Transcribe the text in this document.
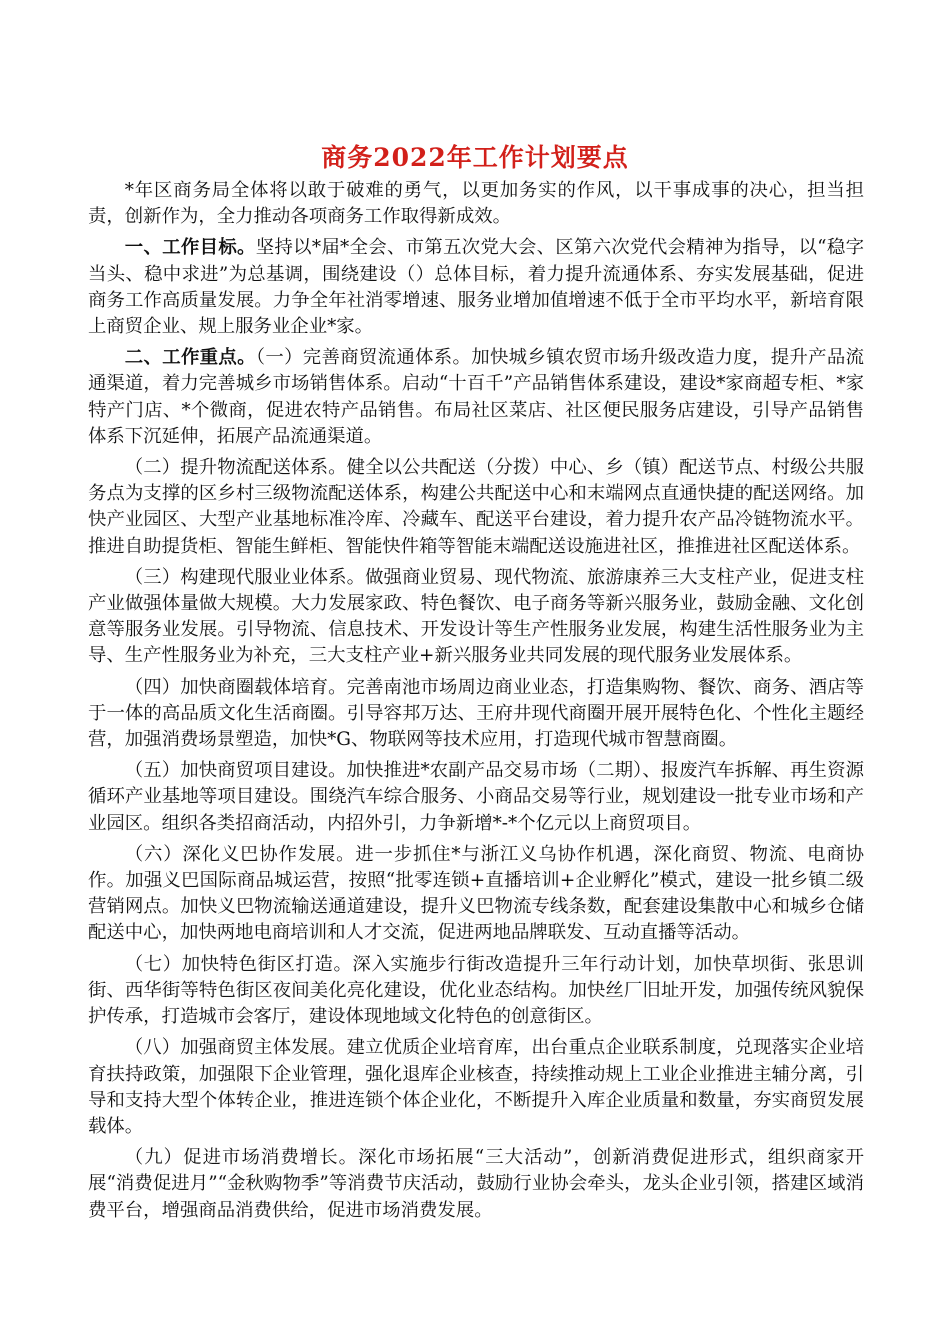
商务2022年工作计划要点

*年区商务局全体将以敢于破难的勇气，以更加务实的作风，以干事成事的决心，担当担责，创新作为，全力推动各项商务工作取得新成效。

一、工作目标。坚持以*届*全会、市第五次党大会、区第六次党代会精神为指导，以“稳字当头、稳中求进”为总基调，围绕建设（）总体目标，着力提升流通体系、夯实发展基础，促进商务工作高质量发展。力争全年社消零增速、服务业增加值增速不低于全市平均水平，新培育限上商贸企业、规上服务业企业*家。

二、工作重点。（一）完善商贸流通体系。加快城乡镇农贸市场升级改造力度，提升产品流通渠道，着力完善城乡市场销售体系。启动“十百千”产品销售体系建设，建设*家商超专柜、*家特产门店、*个微商，促进农特产品销售。布局社区菜店、社区便民服务店建设，引导产品销售体系下沉延伸，拓展产品流通渠道。

（二）提升物流配送体系。健全以公共配送（分拨）中心、乡（镇）配送节点、村级公共服务点为支撑的区乡村三级物流配送体系，构建公共配送中心和末端网点直通快捷的配送网络。加快产业园区、大型产业基地标准冷库、冷藏车、配送平台建设，着力提升农产品冷链物流水平。推进自助提货柜、智能生鲜柜、智能快件箱等智能末端配送设施进社区，推推进社区配送体系。

（三）构建现代服业业体系。做强商业贸易、现代物流、旅游康养三大支柱产业，促进支柱产业做强体量做大规模。大力发展家政、特色餐饮、电子商务等新兴服务业，鼓励金融、文化创意等服务业发展。引导物流、信息技术、开发设计等生产性服务业发展，构建生活性服务业为主导、生产性服务业为补充，三大支柱产业+新兴服务业共同发展的现代服务业发展体系。

（四）加快商圈载体培育。完善南池市场周边商业业态，打造集购物、餐饮、商务、酒店等于一体的高品质文化生活商圈。引导容邦万达、王府井现代商圈开展开展特色化、个性化主题经营，加强消费场景塑造，加快*G、物联网等技术应用，打造现代城市智慧商圈。

（五）加快商贸项目建设。加快推进*农副产品交易市场（二期）、报废汽车拆解、再生资源循环产业基地等项目建设。围绕汽车综合服务、小商品交易等行业，规划建设一批专业市场和产业园区。组织各类招商活动，内招外引，力争新增*-*个亿元以上商贸项目。

（六）深化义巴协作发展。进一步抓住*与浙江义乌协作机遇，深化商贸、物流、电商协作。加强义巴国际商品城运营，按照“批零连锁+直播培训+企业孵化”模式，建设一批乡镇二级营销网点。加快义巴物流输送通道建设，提升义巴物流专线条数，配套建设集散中心和城乡仓储配送中心，加快两地电商培训和人才交流，促进两地品牌联发、互动直播等活动。

（七）加快特色街区打造。深入实施步行街改造提升三年行动计划，加快草坝街、张思训街、西华街等特色街区夜间美化亮化建设，优化业态结构。加快丝厂旧址开发，加强传统风貌保护传承，打造城市会客厅，建设体现地域文化特色的创意街区。

（八）加强商贸主体发展。建立优质企业培育库，出台重点企业联系制度，兑现落实企业培育扶持政策，加强限下企业管理，强化退库企业核查，持续推动规上工业企业推进主辅分离，引导和支持大型个体转企业，推进连锁个体企业化，不断提升入库企业质量和数量，夯实商贸发展载体。

（九）促进市场消费增长。深化市场拓展“三大活动”，创新消费促进形式，组织商家开展“消费促进月”“金秋购物季”等消费节庆活动，鼓励行业协会牵头，龙头企业引领，搭建区域消费平台，增强商品消费供给，促进市场消费发展。
